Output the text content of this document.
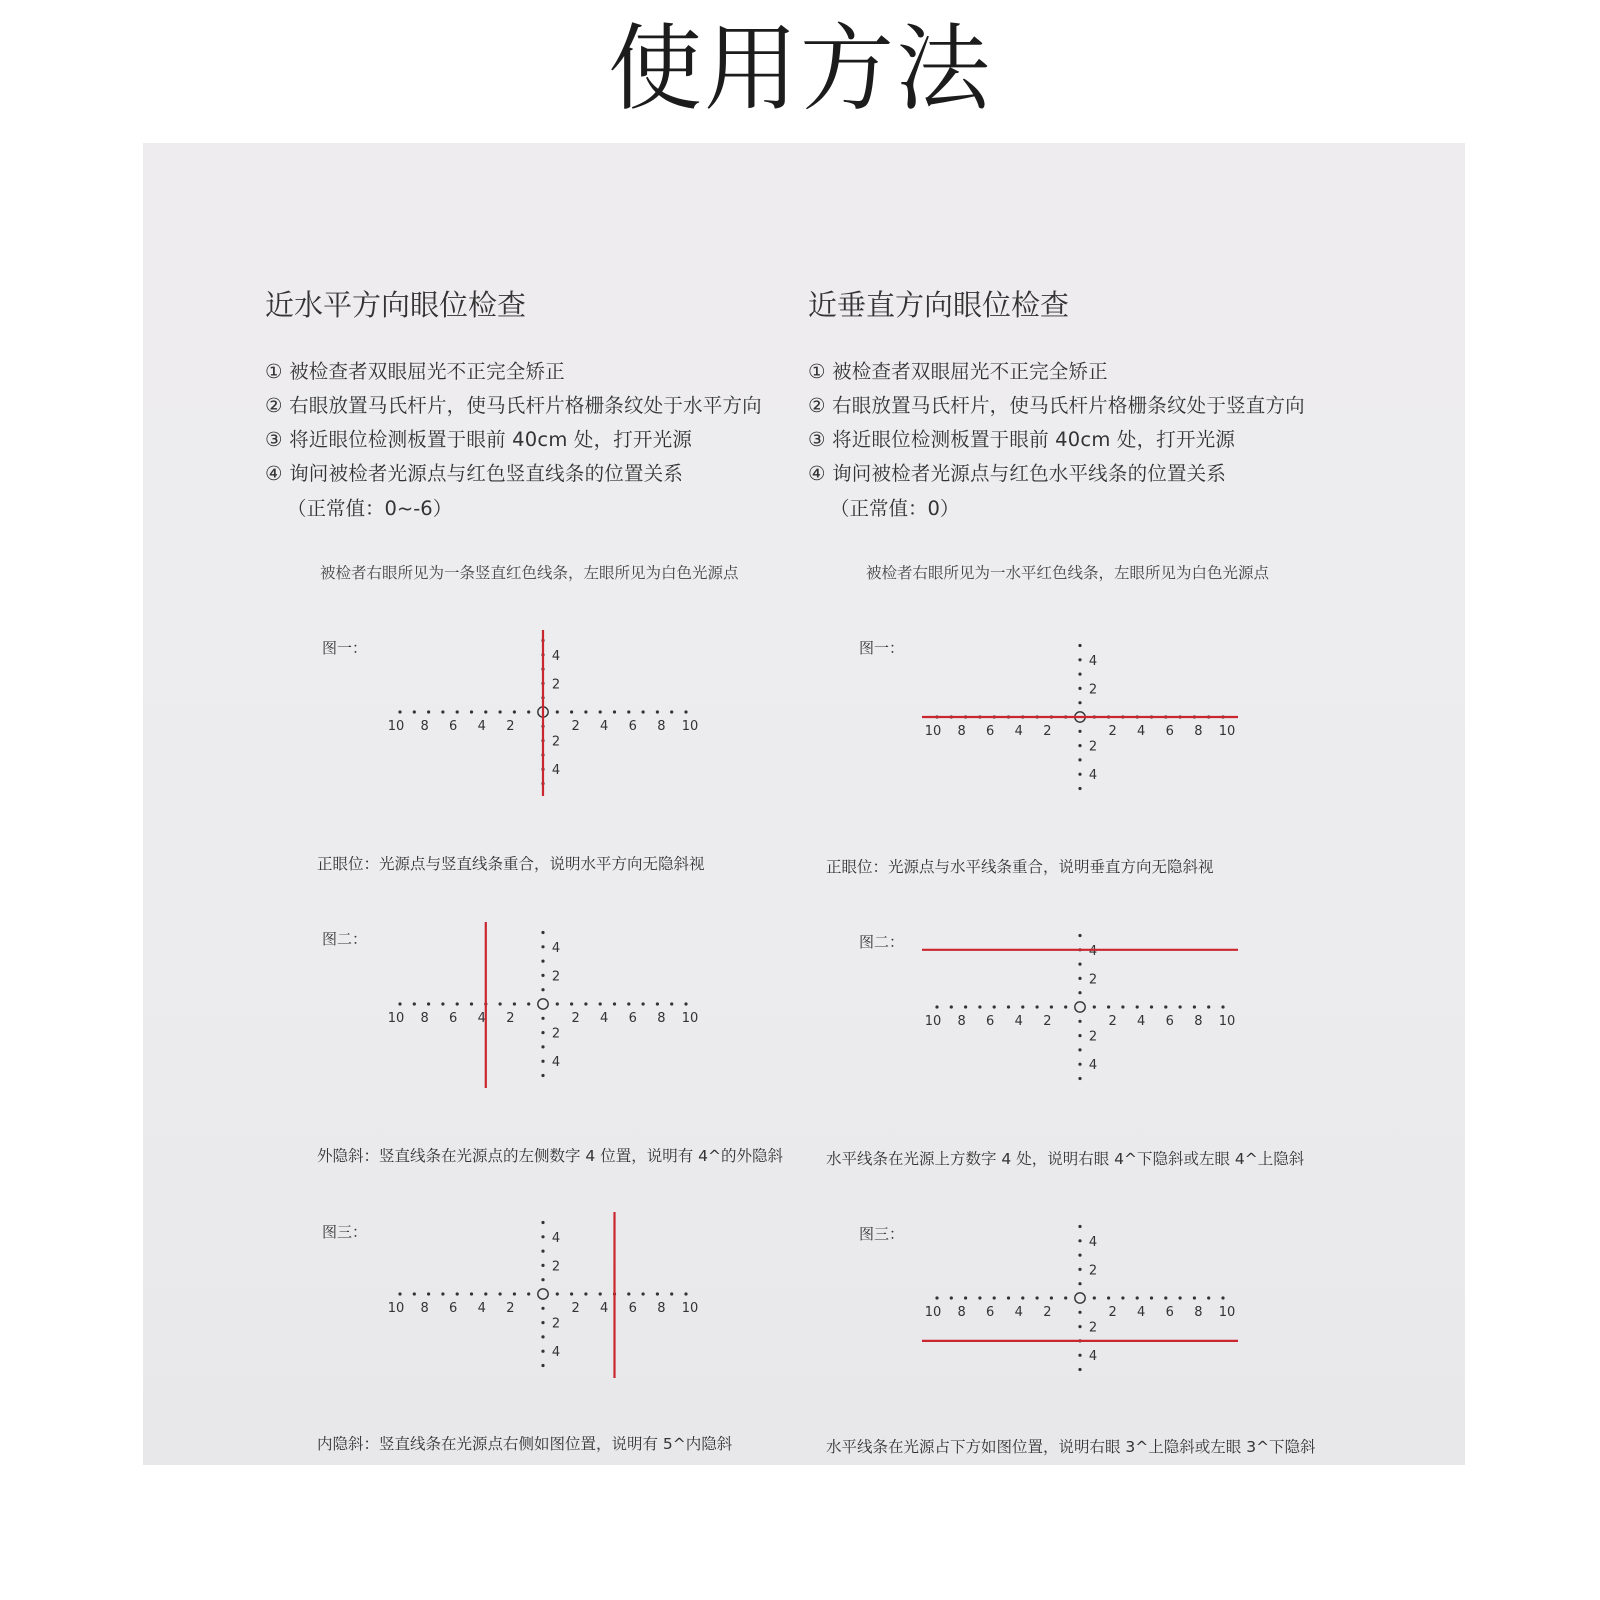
使用方法
近水平方向眼位检查
① 被检查者双眼屈光不正完全矫正
② 右眼放置马氏杆片，使马氏杆片格栅条纹处于水平方向
③ 将近眼位检测板置于眼前 40cm 处，打开光源
④ 询问被检者光源点与红色竖直线条的位置关系
（正常值：0~-6）
被检者右眼所见为一条竖直红色线条，左眼所见为白色光源点
图一：
10 8 6 4 2	2 4 6 8 10
4
2
2
4
正眼位：光源点与竖直线条重合，说明水平方向无隐斜视
图二：
10 8 6 4 2	2 4 6 8 10
4
2
2
4
外隐斜：竖直线条在光源点的左侧数字 4 位置，说明有 4^的外隐斜
图三：
10 8 6 4 2	2 4 6 8 10
4
2
2
4
内隐斜：竖直线条在光源点右侧如图位置，说明有 5^内隐斜
近垂直方向眼位检查
① 被检查者双眼屈光不正完全矫正
② 右眼放置马氏杆片，使马氏杆片格栅条纹处于竖直方向
③ 将近眼位检测板置于眼前 40cm 处，打开光源
④ 询问被检者光源点与红色水平线条的位置关系
（正常值：0）
被检者右眼所见为一水平红色线条，左眼所见为白色光源点
图一：
10 8 6 4 2	2 4 6 8 10
4
2
2
4
正眼位：光源点与水平线条重合，说明垂直方向无隐斜视
图二：
10 8 6 4 2	2 4 6 8 10
4
2
2
4
水平线条在光源上方数字 4 处，说明右眼 4^下隐斜或左眼 4^上隐斜
图三：
10 8 6 4 2	2 4 6 8 10
4
2
2
4
水平线条在光源占下方如图位置，说明右眼 3^上隐斜或左眼 3^下隐斜
